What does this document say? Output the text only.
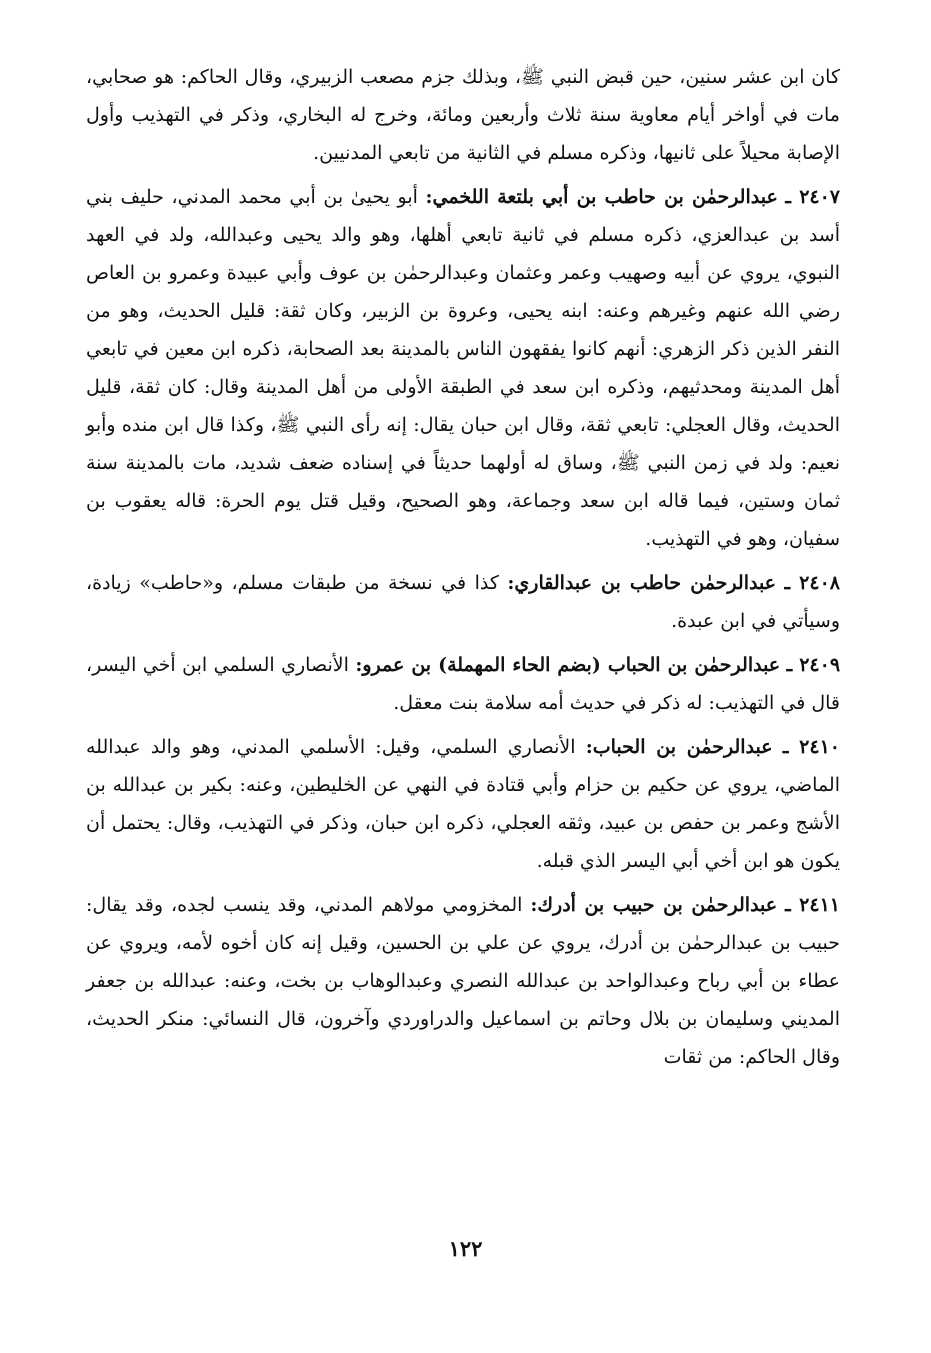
كان ابن عشر سنين، حين قبض النبي ﷺ، وبذلك جزم مصعب الزبيري، وقال الحاكم: هو صحابي، مات في أواخر أيام معاوية سنة ثلاث وأربعين ومائة، وخرج له البخاري، وذكر في التهذيب وأول الإصابة محيلاً على ثانيها، وذكره مسلم في الثانية من تابعي المدنيين.

٢٤٠٧ ـ عبدالرحمٰن بن حاطب بن أبي بلتعة اللخمي: أبو يحيىٰ بن أبي محمد المدني، حليف بني أسد بن عبدالعزي، ذكره مسلم في ثانية تابعي أهلها، وهو والد يحيى وعبدالله، ولد في العهد النبوي، يروي عن أبيه وصهيب وعمر وعثمان وعبدالرحمٰن بن عوف وأبي عبيدة وعمرو بن العاص رضي الله عنهم وغيرهم وعنه: ابنه يحيى، وعروة بن الزبير، وكان ثقة: قليل الحديث، وهو من النفر الذين ذكر الزهري: أنهم كانوا يفقهون الناس بالمدينة بعد الصحابة، ذكره ابن معين في تابعي أهل المدينة ومحدثيهم، وذكره ابن سعد في الطبقة الأولى من أهل المدينة وقال: كان ثقة، قليل الحديث، وقال العجلي: تابعي ثقة، وقال ابن حبان يقال: إنه رأى النبي ﷺ، وكذا قال ابن منده وأبو نعيم: ولد في زمن النبي ﷺ، وساق له أولهما حديثاً في إسناده ضعف شديد، مات بالمدينة سنة ثمان وستين، فيما قاله ابن سعد وجماعة، وهو الصحيح، وقيل قتل يوم الحرة: قاله يعقوب بن سفيان، وهو في التهذيب.

٢٤٠٨ ـ عبدالرحمٰن حاطب بن عبدالقاري: كذا في نسخة من طبقات مسلم، و«حاطب» زيادة، وسيأتي في ابن عبدة.

٢٤٠٩ ـ عبدالرحمٰن بن الحباب (بضم الحاء المهملة) بن عمرو: الأنصاري السلمي ابن أخي اليسر، قال في التهذيب: له ذكر في حديث أمه سلامة بنت معقل.

٢٤١٠ ـ عبدالرحمٰن بن الحباب: الأنصاري السلمي، وقيل: الأسلمي المدني، وهو والد عبدالله الماضي، يروي عن حكيم بن حزام وأبي قتادة في النهي عن الخليطين، وعنه: بكير بن عبدالله بن الأشج وعمر بن حفص بن عبيد، وثقه العجلي، ذكره ابن حبان، وذكر في التهذيب، وقال: يحتمل أن يكون هو ابن أخي أبي اليسر الذي قبله.

٢٤١١ ـ عبدالرحمٰن بن حبيب بن أدرك: المخزومي مولاهم المدني، وقد ينسب لجده، وقد يقال: حبيب بن عبدالرحمٰن بن أدرك، يروي عن علي بن الحسين، وقيل إنه كان أخوه لأمه، ويروي عن عطاء بن أبي رباح وعبدالواحد بن عبدالله النصري وعبدالوهاب بن بخت، وعنه: عبدالله بن جعفر المديني وسليمان بن بلال وحاتم بن اسماعيل والدراوردي وآخرون، قال النسائي: منكر الحديث، وقال الحاكم: من ثقات

١٢٢
